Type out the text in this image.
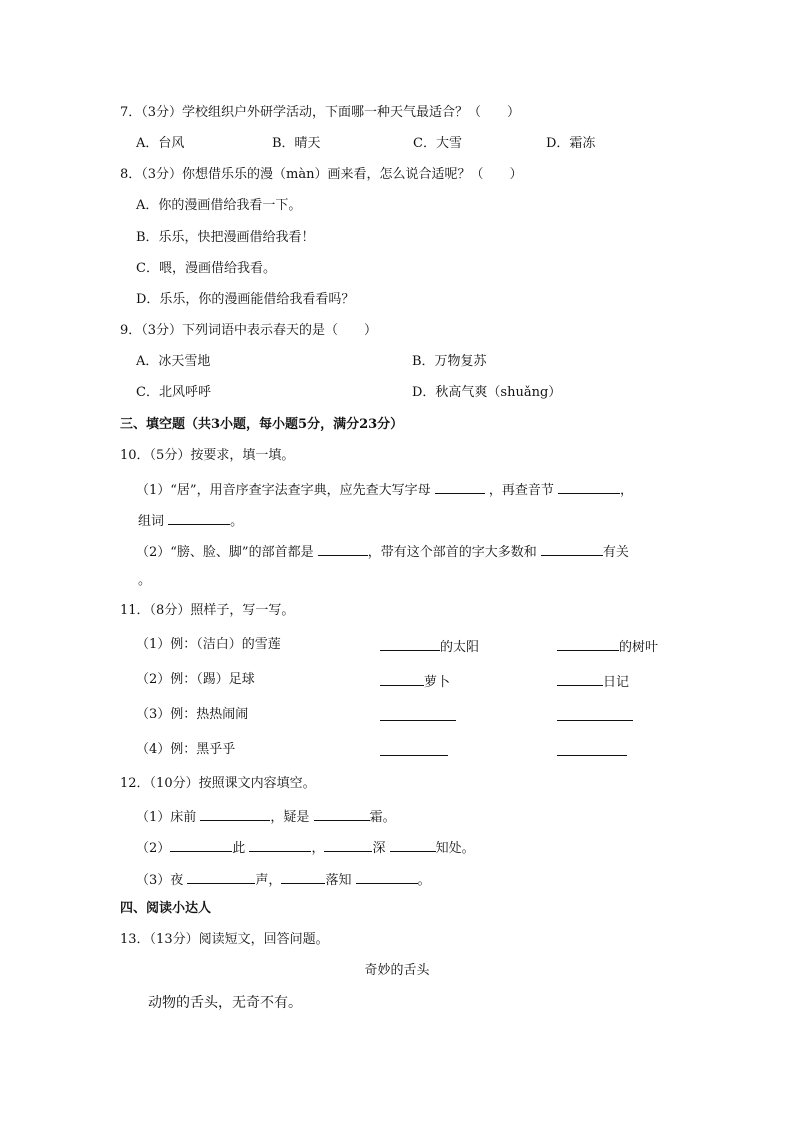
7．（3分）学校组织户外研学活动，下面哪一种天气最适合？（　　）
A．台风	B．晴天	C．大雪	D．霜冻
8．（3分）你想借乐乐的漫（màn）画来看，怎么说合适呢？（　　）
A．你的漫画借给我看一下。
B．乐乐，快把漫画借给我看！
C．喂，漫画借给我看。
D．乐乐，你的漫画能借给我看看吗？
9．（3分）下列词语中表示春天的是（　　）
A．冰天雪地	B．万物复苏
C．北风呼呼	D．秋高气爽（shuǎng）
三、填空题（共3小题，每小题5分，满分23分）
10．（5分）按要求，填一填。
（1）“居”，用音序查字法查字典，应先查大写字母	，再查音节	，
组词	。
（2）“膀、脸、脚”的部首都是	，带有这个部首的字大多数和	有关
。
11．（8分）照样子，写一写。
（1）例：（洁白）的雪莲	的太阳	的树叶
（2）例：（踢）足球	萝卜	日记
（3）例：热热闹闹
（4）例：黑乎乎
12．（10分）按照课文内容填空。
（1）床前	，疑是	霜。
（2）	此	，	深	知处。
（3）夜	声，	落知	。
四、阅读小达人
13．（13分）阅读短文，回答问题。
奇妙的舌头
动物的舌头，无奇不有。
